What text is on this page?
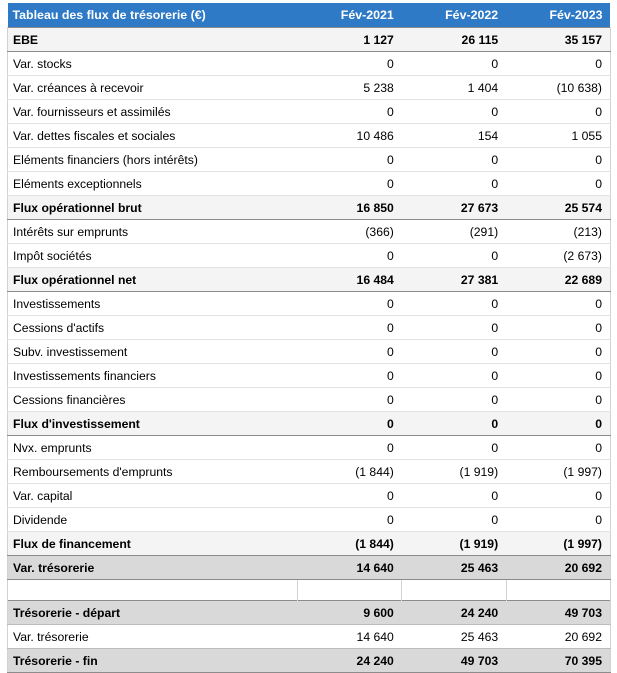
Tableau des flux de trésorerie (€)	Fév-2021	Fév-2022	Fév-2023
EBE	1 127	26 115	35 157
Var. stocks	0	0	0
Var. créances à recevoir	5 238	1 404	(10 638)
Var. fournisseurs et assimilés	0	0	0
Var. dettes fiscales et sociales	10 486	154	1 055
Eléments financiers (hors intérêts)	0	0	0
Eléments exceptionnels	0	0	0
Flux opérationnel brut	16 850	27 673	25 574
Intérêts sur emprunts	(366)	(291)	(213)
Impôt sociétés	0	0	(2 673)
Flux opérationnel net	16 484	27 381	22 689
Investissements	0	0	0
Cessions d'actifs	0	0	0
Subv. investissement	0	0	0
Investissements financiers	0	0	0
Cessions financières	0	0	0
Flux d'investissement	0	0	0
Nvx. emprunts	0	0	0
Remboursements d'emprunts	(1 844)	(1 919)	(1 997)
Var. capital	0	0	0
Dividende	0	0	0
Flux de financement	(1 844)	(1 919)	(1 997)
Var. trésorerie	14 640	25 463	20 692

Trésorerie - départ	9 600	24 240	49 703
Var. trésorerie	14 640	25 463	20 692
Trésorerie - fin	24 240	49 703	70 395
